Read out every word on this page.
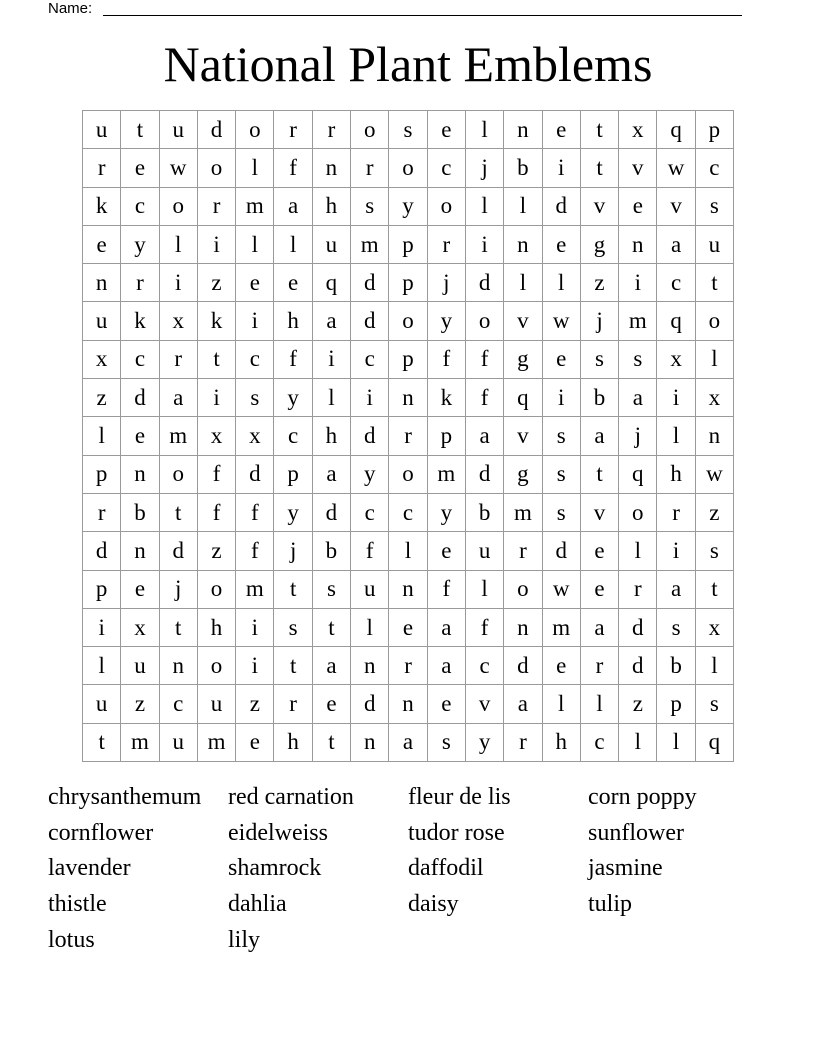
Name:
National Plant Emblems
u	t	u	d	o	r	r	o	s	e	l	n	e	t	x	q	p
r	e	w	o	l	f	n	r	o	c	j	b	i	t	v	w	c
k	c	o	r	m	a	h	s	y	o	l	l	d	v	e	v	s
e	y	l	i	l	l	u	m	p	r	i	n	e	g	n	a	u
n	r	i	z	e	e	q	d	p	j	d	l	l	z	i	c	t
u	k	x	k	i	h	a	d	o	y	o	v	w	j	m	q	o
x	c	r	t	c	f	i	c	p	f	f	g	e	s	s	x	l
z	d	a	i	s	y	l	i	n	k	f	q	i	b	a	i	x
l	e	m	x	x	c	h	d	r	p	a	v	s	a	j	l	n
p	n	o	f	d	p	a	y	o	m	d	g	s	t	q	h	w
r	b	t	f	f	y	d	c	c	y	b	m	s	v	o	r	z
d	n	d	z	f	j	b	f	l	e	u	r	d	e	l	i	s
p	e	j	o	m	t	s	u	n	f	l	o	w	e	r	a	t
i	x	t	h	i	s	t	l	e	a	f	n	m	a	d	s	x
l	u	n	o	i	t	a	n	r	a	c	d	e	r	d	b	l
u	z	c	u	z	r	e	d	n	e	v	a	l	l	z	p	s
t	m	u	m	e	h	t	n	a	s	y	r	h	c	l	l	q
chrysanthemum	red carnation	fleur de lis	corn poppy
cornflower	eidelweiss	tudor rose	sunflower
lavender	shamrock	daffodil	jasmine
thistle	dahlia	daisy	tulip
lotus	lily
